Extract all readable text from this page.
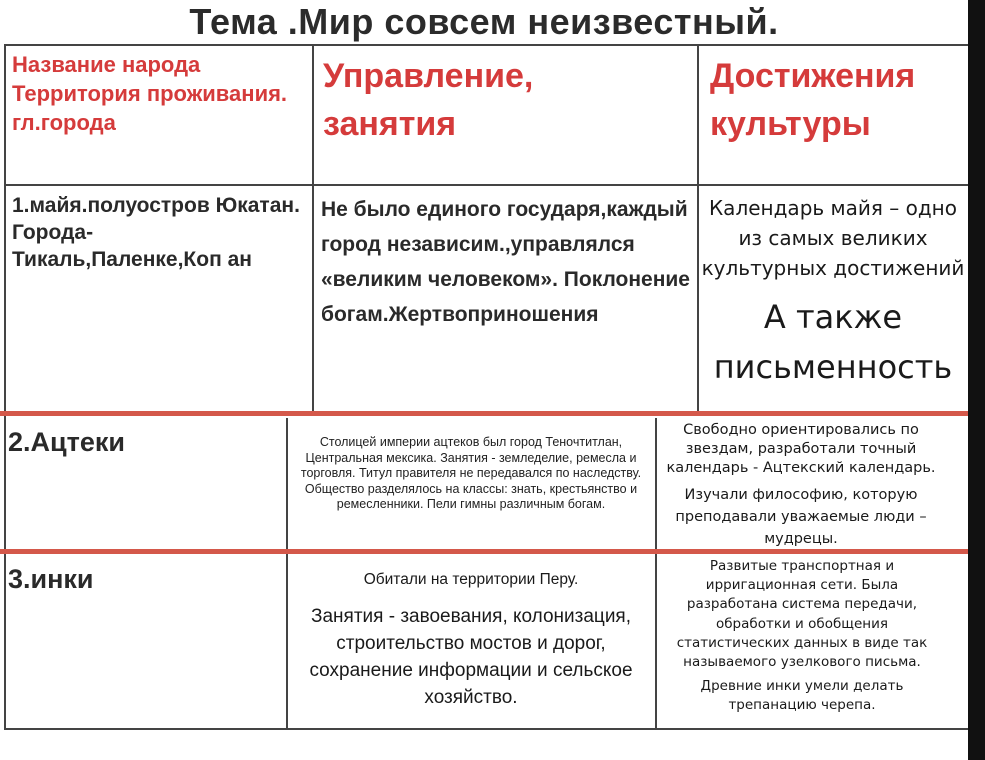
Тема .Мир совсем неизвестный.
Название народа Территория проживания. гл.города
Управление, занятия
Достижения культуры
1.майя.полуостров Юкатан. Города- Тикаль,Паленке,Коп ан
Не было единого государя,каждый город независим.,управлялся «великим человеком». Поклонение богам.Жертвоприношения
Календарь майя – одно из самых великих культурных достижений
А также письменность
2.Ацтеки	Столицей империи ацтеков был город Теночтитлан, Центральная мексика. Занятия - земледелие, ремесла и торговля. Титул правителя не передавался по наследству. Общество разделялось на классы: знать, крестьянство и ремесленники. Пели гимны различным богам.
Свободно ориентировались по звездам, разработали точный календарь - Ацтекский календарь.
Изучали философию, которую преподавали уважаемые люди – мудрецы.
3.инки	Обитали на территории Перу.
Занятия - завоевания, колонизация, строительство мостов и дорог, сохранение информации и сельское хозяйство.
Развитые транспортная и ирригационная сети. Была разработана система передачи, обработки и обобщения статистических данных в виде так называемого узелкового письма.
Древние инки умели делать трепанацию черепа.
